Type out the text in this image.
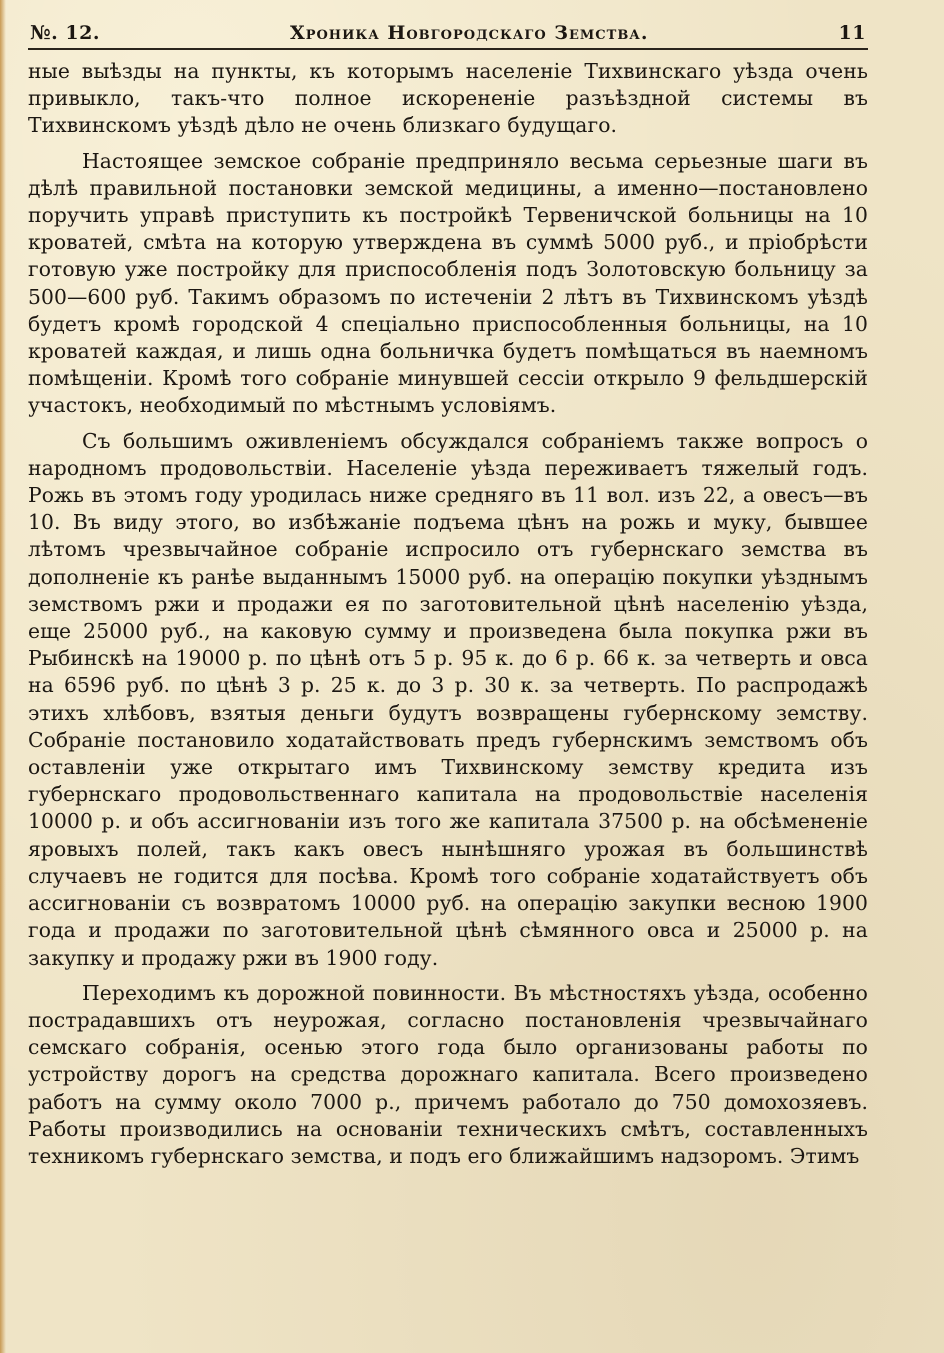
№. 12.	Хроника Новгородскаго Земства.	11

ные выѣзды на пункты, къ которымъ населеніе Тихвинскаго уѣзда очень привыкло, такъ-что полное искорененіе разъѣздной системы въ Тихвинскомъ уѣздѣ дѣло не очень близкаго будущаго.

Настоящее земское собраніе предприняло весьма серьезные шаги въ дѣлѣ правильной постановки земской медицины, а именно—постановлено поручить управѣ приступить къ постройкѣ Тервеничской больницы на 10 кроватей, смѣта на которую утверждена въ суммѣ 5000 руб., и пріобрѣсти готовую уже постройку для приспособленія подъ Золотовскую больницу за 500—600 руб. Такимъ образомъ по истеченіи 2 лѣтъ въ Тихвинскомъ уѣздѣ будетъ кромѣ городской 4 спеціально приспособленныя больницы, на 10 кроватей каждая, и лишь одна больничка будетъ помѣщаться въ наемномъ помѣщеніи. Кромѣ того собраніе минувшей сессіи открыло 9 фельдшерскій участокъ, необходимый по мѣстнымъ условіямъ.

Съ большимъ оживленіемъ обсуждался собраніемъ также вопросъ о народномъ продовольствіи. Населеніе уѣзда переживаетъ тяжелый годъ. Рожь въ этомъ году уродилась ниже средняго въ 11 вол. изъ 22, а овесъ—въ 10. Въ виду этого, во избѣжаніе подъема цѣнъ на рожь и муку, бывшее лѣтомъ чрезвычайное собраніе испросило отъ губернскаго земства въ дополненіе къ ранѣе выданнымъ 15000 руб. на операцію покупки уѣзднымъ земствомъ ржи и продажи ея по заготовительной цѣнѣ населенію уѣзда, еще 25000 руб., на каковую сумму и произведена была покупка ржи въ Рыбинскѣ на 19000 р. по цѣнѣ отъ 5 р. 95 к. до 6 р. 66 к. за четверть и овса на 6596 руб. по цѣнѣ 3 р. 25 к. до 3 р. 30 к. за четверть. По распродажѣ этихъ хлѣбовъ, взятыя деньги будутъ возвращены губернскому земству. Собраніе постановило ходатайствовать предъ губернскимъ земствомъ объ оставленіи уже открытаго имъ Тихвинскому земству кредита изъ губернскаго продовольственнаго капитала на продовольствіе населенія 10000 р. и объ ассигнованіи изъ того же капитала 37500 р. на обсѣмененіе яровыхъ полей, такъ какъ овесъ нынѣшняго урожая въ большинствѣ случаевъ не годится для посѣва. Кромѣ того собраніе ходатайствуетъ объ ассигнованіи съ возвратомъ 10000 руб. на операцію закупки весною 1900 года и продажи по заготовительной цѣнѣ сѣмянного овса и 25000 р. на закупку и продажу ржи въ 1900 году.

Переходимъ къ дорожной повинности. Въ мѣстностяхъ уѣзда, особенно пострадавшихъ отъ неурожая, согласно постановленія чрезвычайнаго семскаго собранія, осенью этого года было организованы работы по устройству дорогъ на средства дорожнаго капитала. Всего произведено работъ на сумму около 7000 р., причемъ работало до 750 домохозяевъ. Работы производились на основаніи техническихъ смѣтъ, составленныхъ техникомъ губернскаго земства, и подъ его ближайшимъ надзоромъ. Этимъ
